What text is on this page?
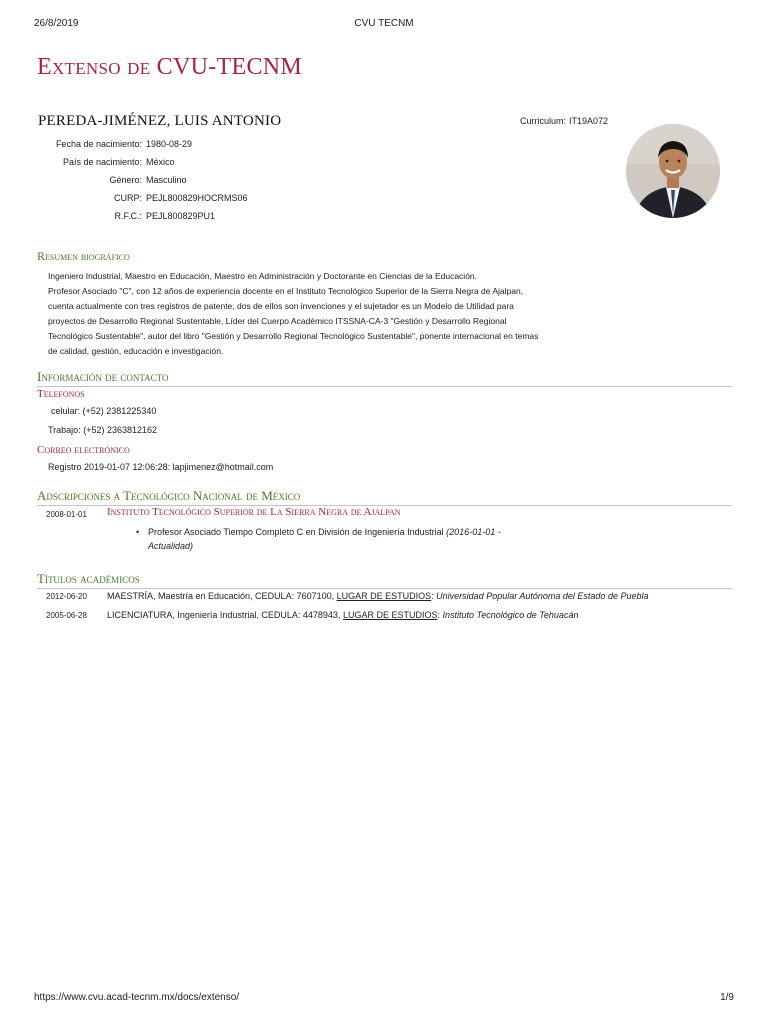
26/8/2019	CVU TECNM
Extenso de CVU-TECNM
PEREDA-JIMÉNEZ, LUIS ANTONIO	Curriculum: IT19A072
Fecha de nacimiento: 1980-08-29
País de nacimiento: México
Género: Masculino
CURP: PEJL800829HOCRMS06
R.F.C.: PEJL800829PU1
Resumen biográfico
Ingeniero Industrial, Maestro en Educación, Maestro en Administración y Doctorante en Ciencias de la Educación.
Profesor Asociado "C", con 12 años de experiencia docente en el Instituto Tecnológico Superior de la Sierra Negra de Ajalpan,
cuenta actualmente con tres registros de patente, dos de ellos son invenciones y el sujetador es un Modelo de Utilidad para
proyectos de Desarrollo Regional Sustentable, Líder del Cuerpo Académico ITSSNA-CA-3 "Gestión y Desarrollo Regional
Tecnológico Sustentable", autor del libro "Gestión y Desarrollo Regional Tecnológico Sustentable", ponente internacional en temas
de calidad, gestión, educación e investigación.
Información de contacto
Telefonos
celular: (+52) 2381225340
Trabajo: (+52) 2363812162
Correo electrónico
Registro 2019-01-07 12:06:28: lapjimenez@hotmail.com
Adscripciones a Tecnológico Nacional de México
2008-01-01 Instituto Tecnológico Superior de La Sierra Negra de Ajalpan
• Profesor Asociado Tiempo Completo C en División de Ingeniería Industrial (2016-01-01 -
Actualidad)
Títulos académicos
2012-06-20 MAESTRÍA, Maestría en Educación, CEDULA: 7607100, LUGAR DE ESTUDIOS: Universidad Popular Autónoma del Estado de Puebla
2005-06-28 LICENCIATURA, Ingeniería Industrial, CEDULA: 4478943, LUGAR DE ESTUDIOS: Instituto Tecnológico de Tehuacán
https://www.cvu.acad-tecnm.mx/docs/extenso/	1/9
